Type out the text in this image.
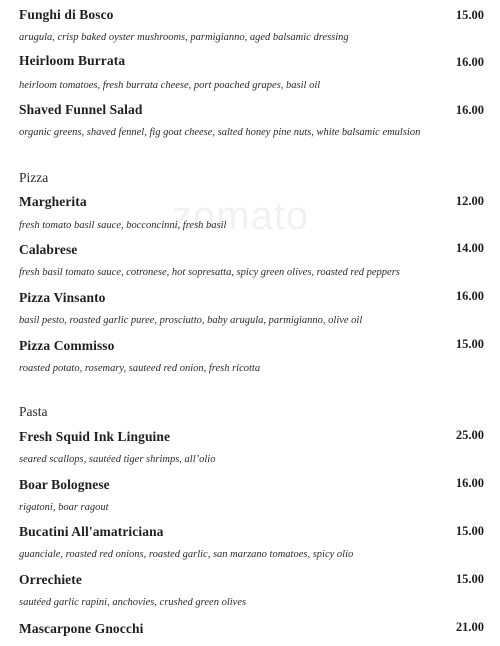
zomato
Funghi di Bosco	15.00
arugula, crisp baked oyster mushrooms, parmigianno, aged balsamic dressing
Heirloom Burrata	16.00
heirloom tomatoes, fresh burrata cheese, port poached grapes, basil oil
Shaved Funnel Salad	16.00
organic greens, shaved fennel, fig goat cheese, salted honey pine nuts, white balsamic emulsion
Pizza
Margherita	12.00
fresh tomato basil sauce, bocconcinni, fresh basil
Calabrese	14.00
fresh basil tomato sauce, cotronese, hot sopresatta, spicy green olives, roasted red peppers
Pizza Vinsanto	16.00
basil pesto, roasted garlic puree, prosciutto, baby arugula, parmigianno, olive oil
Pizza Commisso	15.00
roasted potato, rosemary, sauteed red onion, fresh ricotta
Pasta
Fresh Squid Ink Linguine	25.00
seared scallops, sautéed tiger shrimps, all’olio
Boar Bolognese	16.00
rigatoni, boar ragout
Bucatini All'amatriciana	15.00
guanciale, roasted red onions, roasted garlic, san marzano tomatoes, spicy olio
Orrechiete	15.00
sautéed garlic rapini, anchovies, crushed green olives
Mascarpone Gnocchi	21.00
